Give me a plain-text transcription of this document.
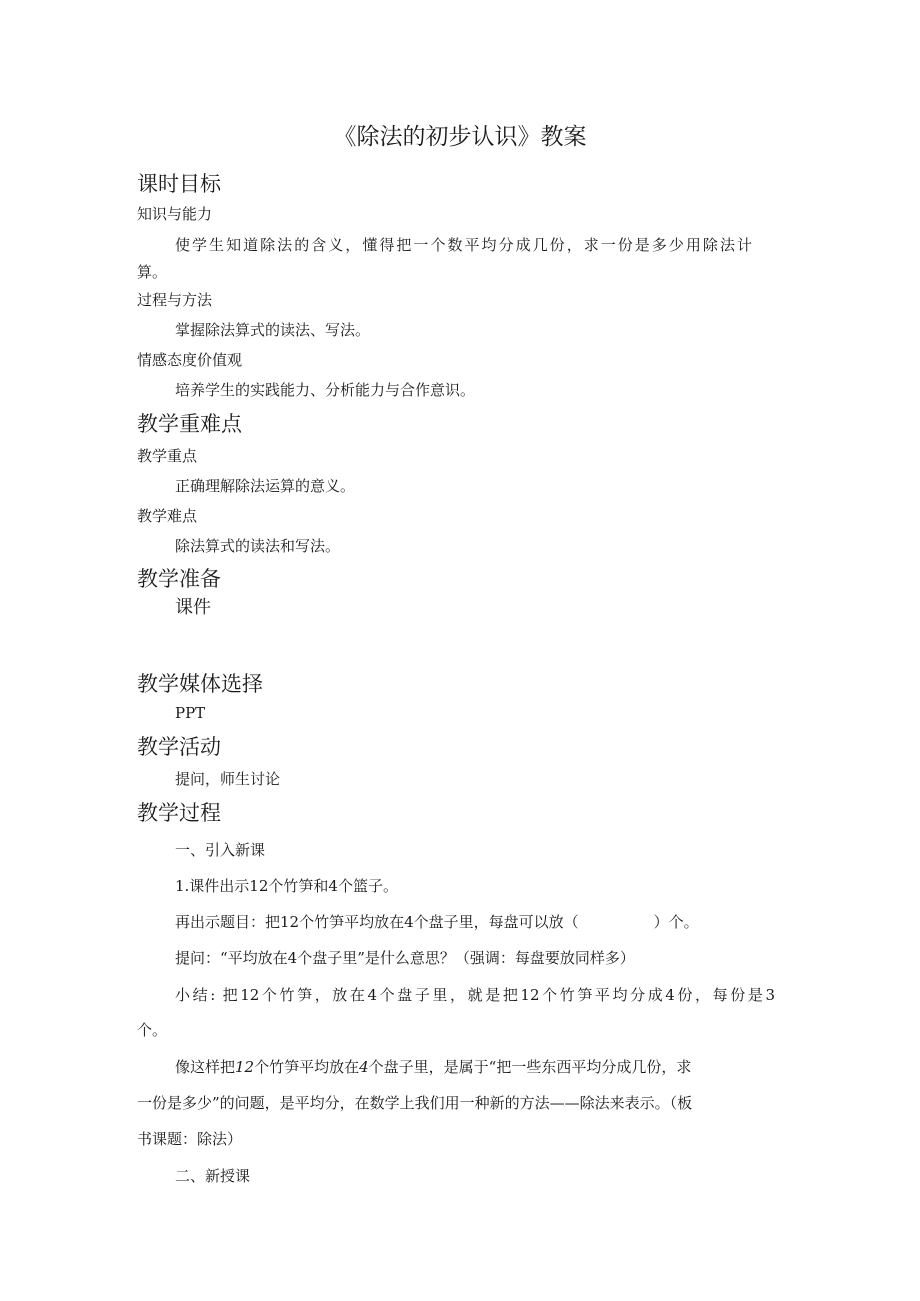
《除法的初步认识》教案
课时目标
知识与能力
使学生知道除法的含义，懂得把一个数平均分成几份，求一份是多少用除法计
算。
过程与方法
掌握除法算式的读法、写法。
情感态度价值观
培养学生的实践能力、分析能力与合作意识。
教学重难点
教学重点
正确理解除法运算的意义。
教学难点
除法算式的读法和写法。
教学准备
课件
教学媒体选择
PPT
教学活动
提问，师生讨论
教学过程
一、引入新课
1.课件出示12个竹笋和4个篮子。
再出示题目：把12个竹笋平均放在4个盘子里，每盘可以放（　　　　　）个。
提问：“平均放在4个盘子里”是什么意思？（强调：每盘要放同样多）
小结: 把12个竹笋，放在4个盘子里，就是把12个竹笋平均分成4份，每份是3
个。
像这样把12个竹笋平均放在4个盘子里，是属于“把一些东西平均分成几份，求
一份是多少”的问题，是平均分，在数学上我们用一种新的方法——除法来表示。（板
书课题：除法）
二、新授课
